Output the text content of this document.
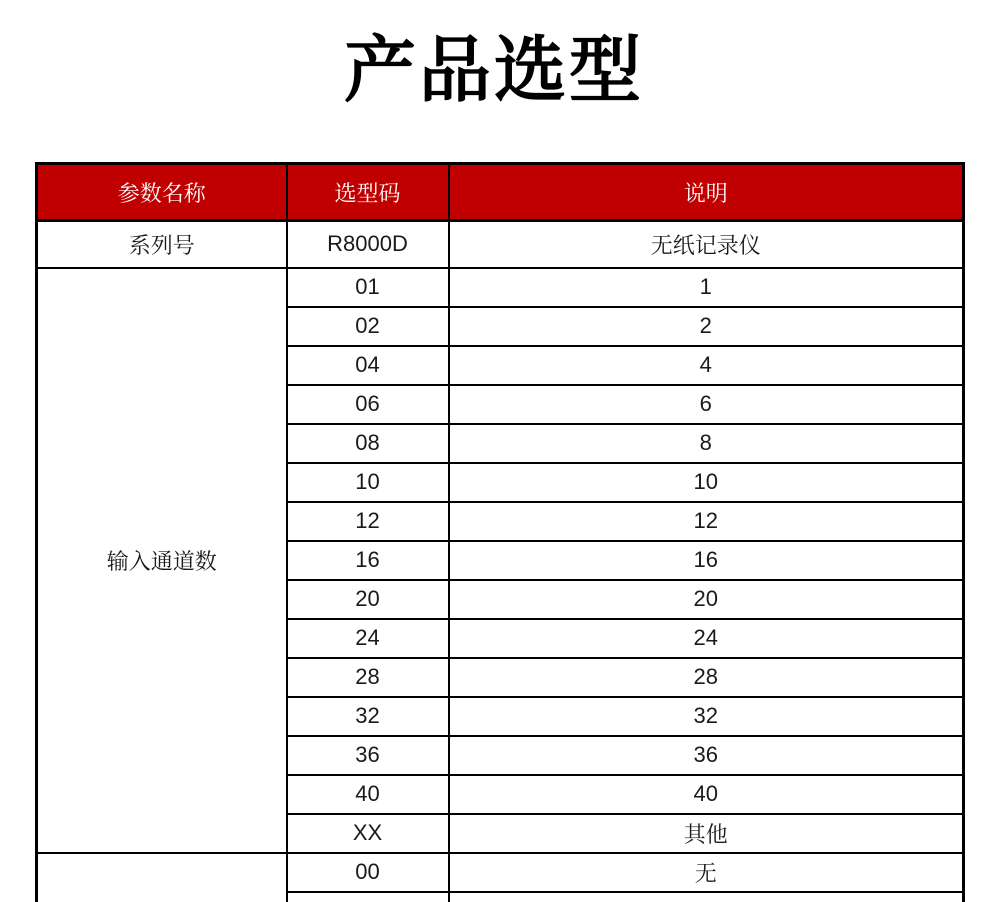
产品选型
参数名称	选型码	说明
系列号	R8000D	无纸记录仪
输入通道数	01	1
	02	2
	04	4
	06	6
	08	8
	10	10
	12	12
	16	16
	20	20
	24	24
	28	28
	32	32
	36	36
	40	40
	XX	其他
	00	无
